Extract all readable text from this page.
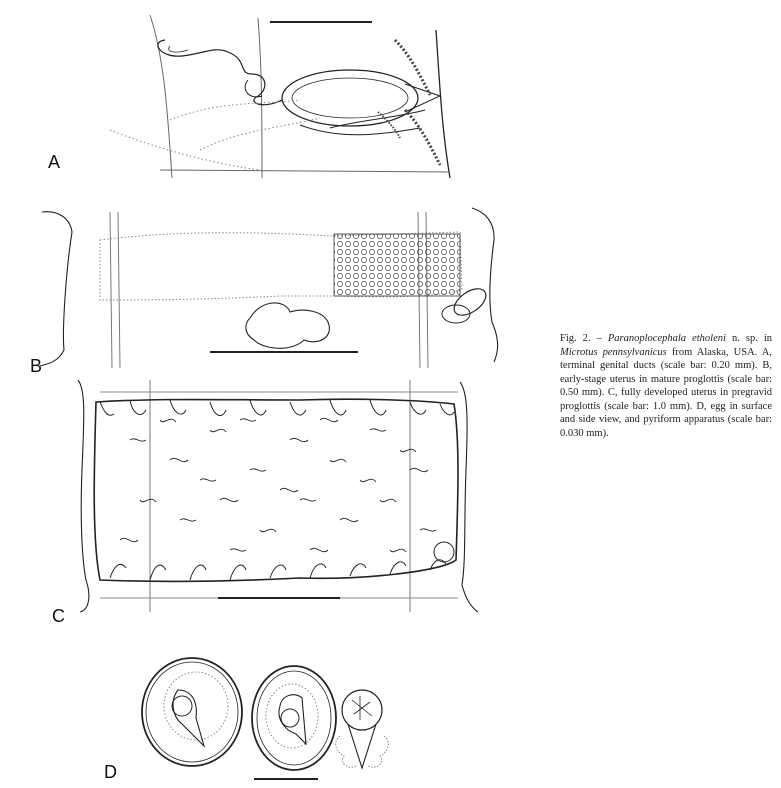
A
B
C
D
Fig. 2. – Paranoplocephala etholeni n. sp. in Microtus pennsylvanicus from Alaska, USA. A, terminal genital ducts (scale bar: 0.20 mm). B, early-stage uterus in mature proglottis (scale bar: 0.50 mm). C, fully developed uterus in pregravid proglottis (scale bar: 1.0 mm). D, egg in surface and side view, and pyriform apparatus (scale bar: 0.030 mm).
